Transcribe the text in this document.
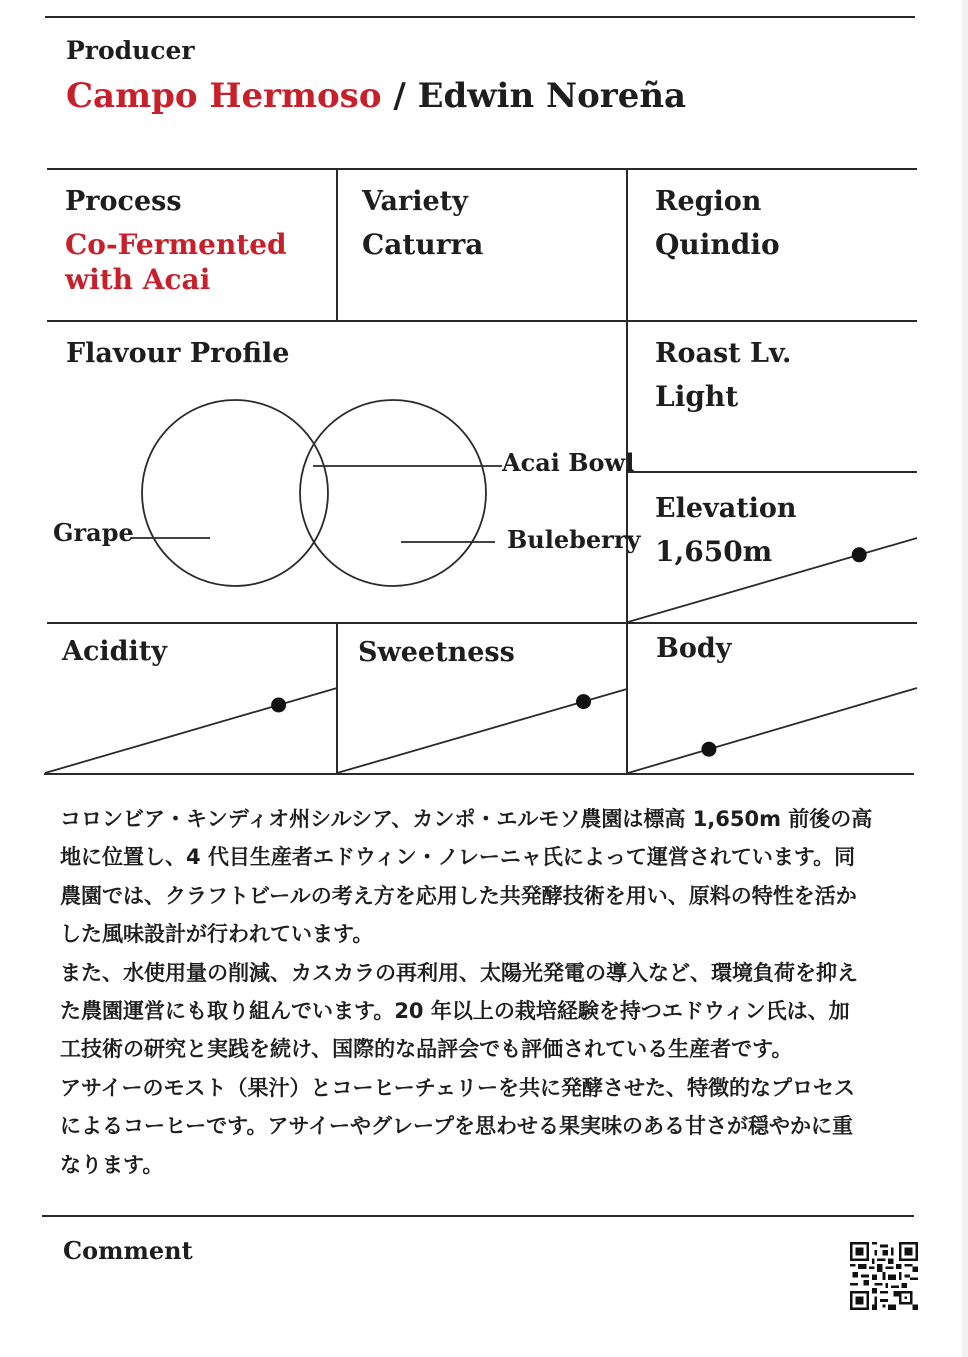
Producer
Campo Hermoso / Edwin Noreña
Process
Co-Fermented
with Acai
Variety
Caturra
Region
Quindio
Flavour Profile
Grape
Acai Bowl
Buleberry
Roast Lv.
Light
Elevation
1,650m
Acidity	Sweetness	Body

コロンビア・キンディオ州シルシア、カンポ・エルモソ農園は標高 1,650m 前後の高

地に位置し、4 代目生産者エドウィン・ノレーニャ氏によって運営されています。同

農園では、クラフトビールの考え方を応用した共発酵技術を用い、原料の特性を活か

した風味設計が行われています。

また、水使用量の削減、カスカラの再利用、太陽光発電の導入など、環境負荷を抑え

た農園運営にも取り組んでいます。20 年以上の栽培経験を持つエドウィン氏は、加

工技術の研究と実践を続け、国際的な品評会でも評価されている生産者です。

アサイーのモスト（果汁）とコーヒーチェリーを共に発酵させた、特徴的なプロセス

によるコーヒーです。アサイーやグレープを思わせる果実味のある甘さが穏やかに重

なります。

Comment
